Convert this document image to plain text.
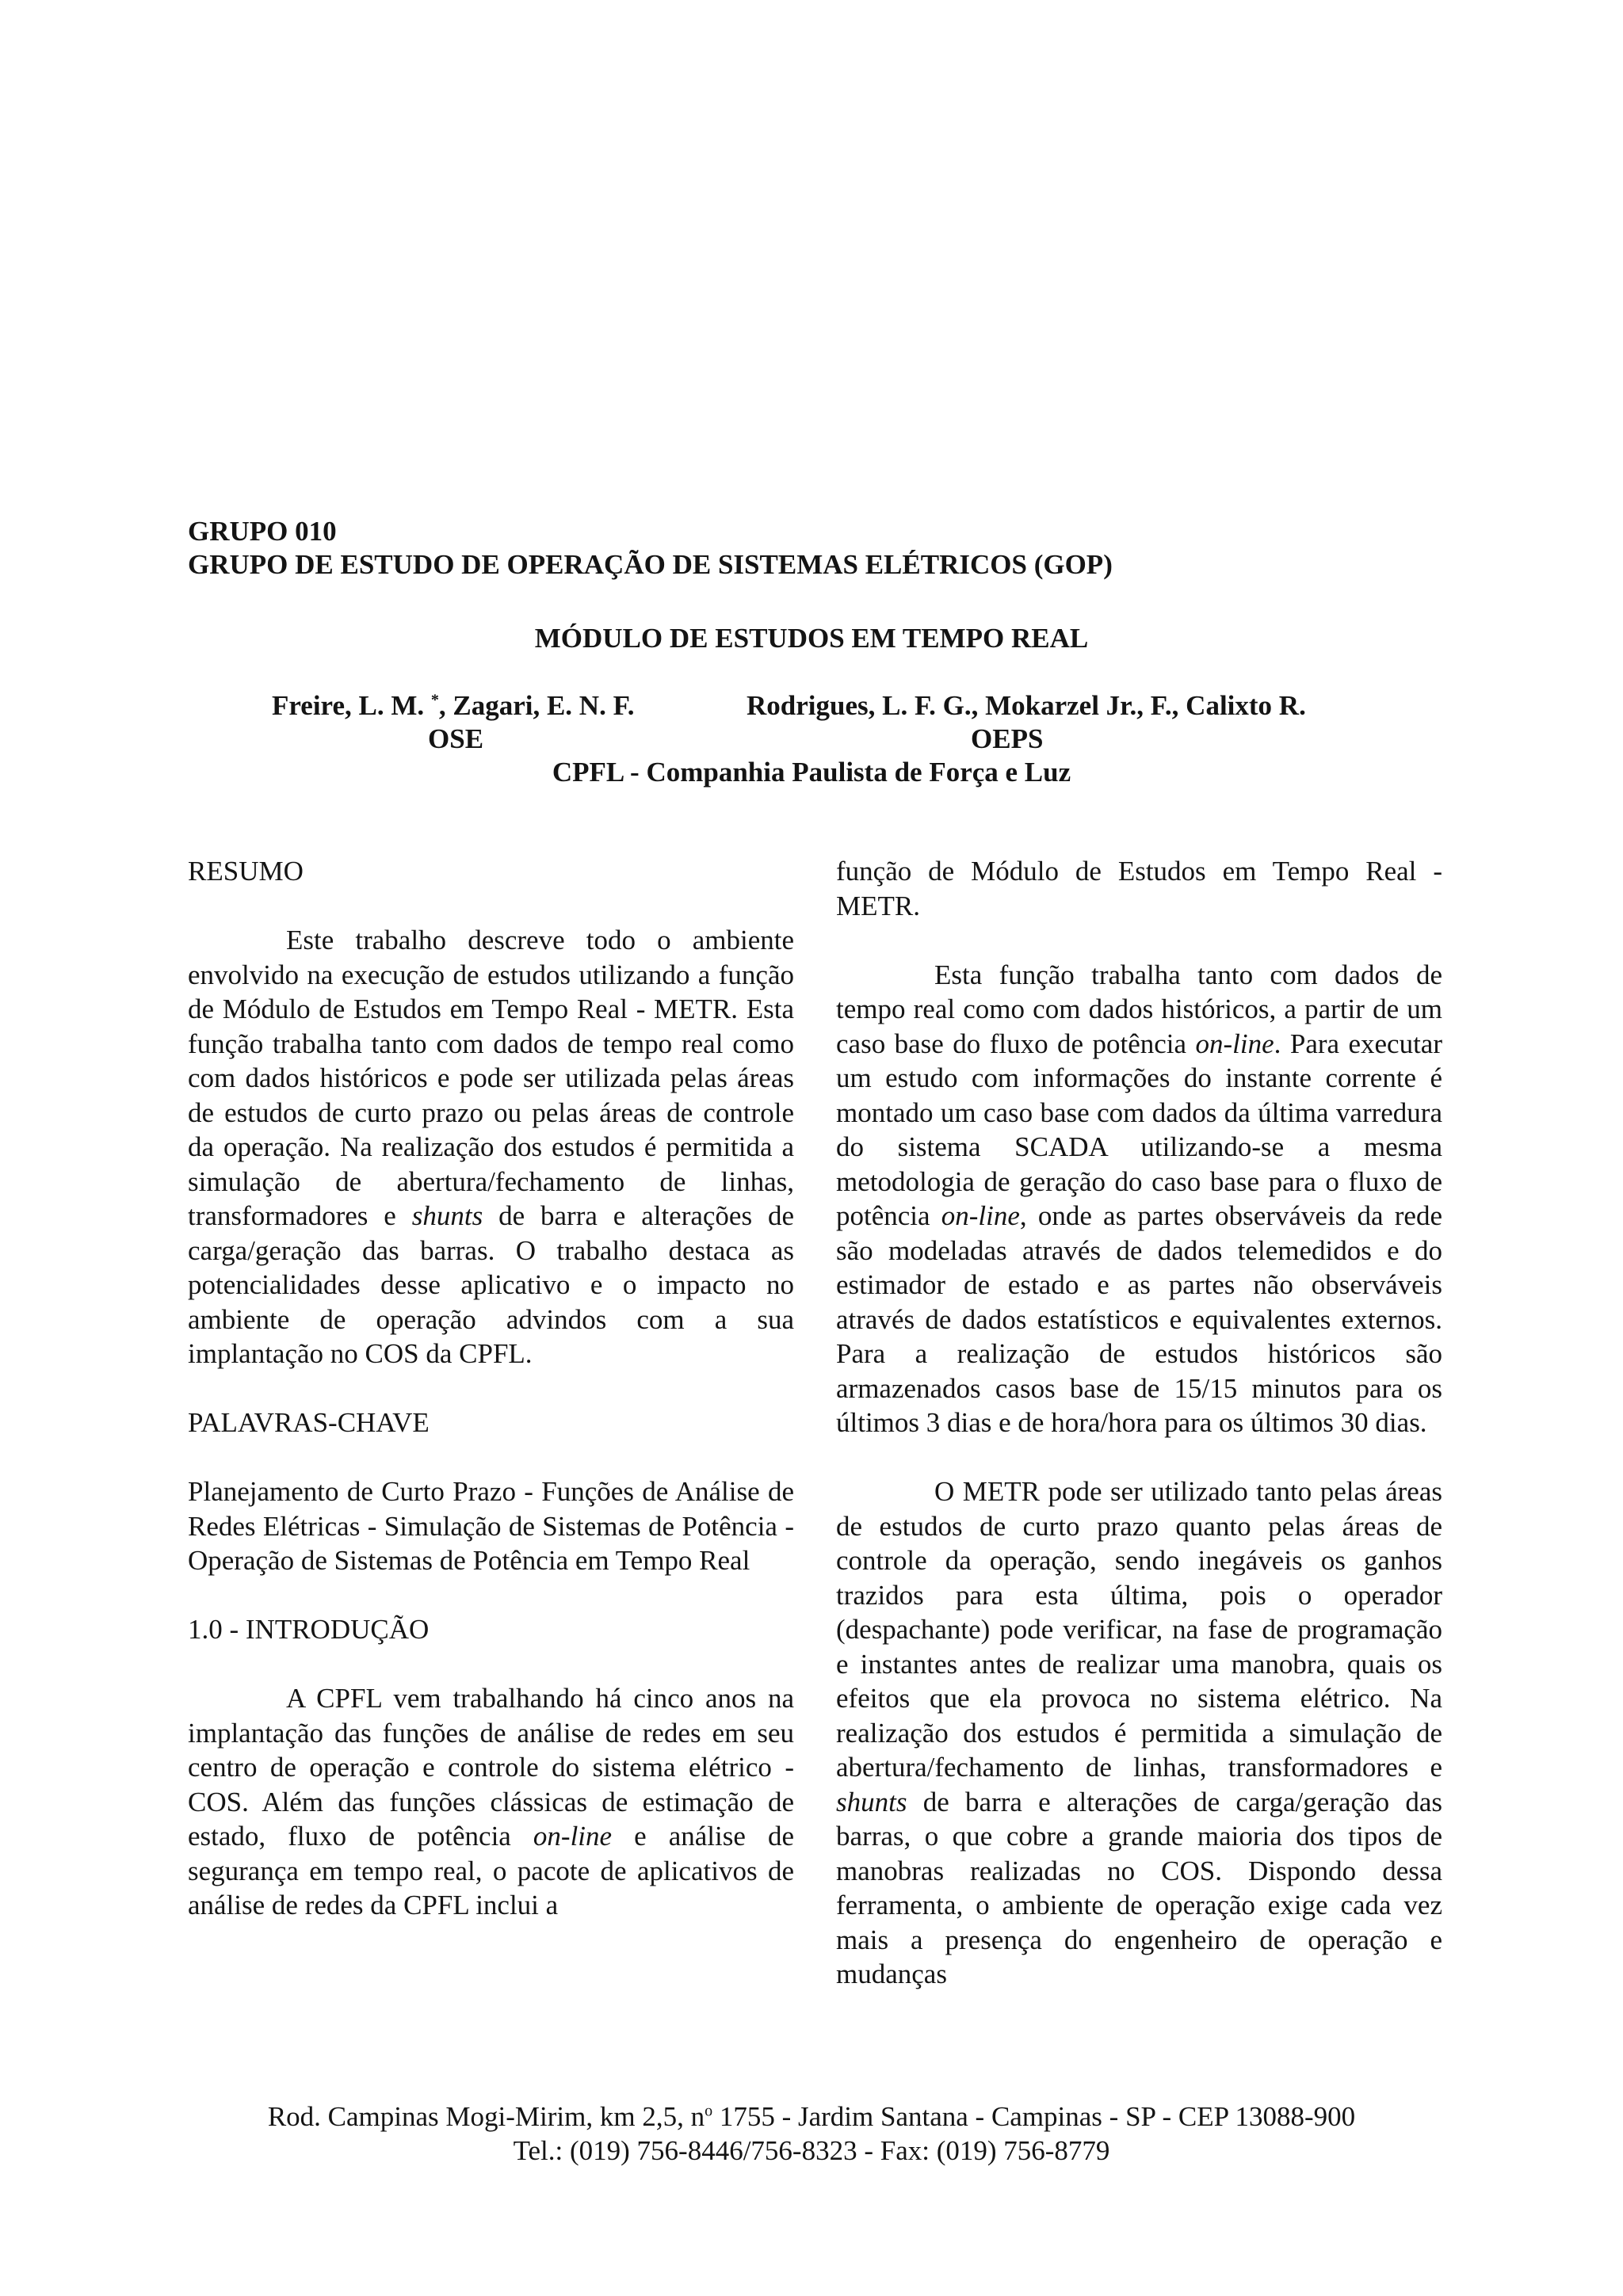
GRUPO 010
GRUPO DE ESTUDO DE OPERAÇÃO DE SISTEMAS ELÉTRICOS (GOP)
MÓDULO DE ESTUDOS EM TEMPO REAL
Freire, L. M. *, Zagari, E. N. F.	Rodrigues, L. F. G., Mokarzel Jr., F., Calixto R.
OSE	OEPS
CPFL - Companhia Paulista de Força e Luz

RESUMO

Este trabalho descreve todo o ambiente envolvido na execução de estudos utilizando a função de Módulo de Estudos em Tempo Real - METR. Esta função trabalha tanto com dados de tempo real como com dados históricos e pode ser utilizada pelas áreas de estudos de curto prazo ou pelas áreas de controle da operação. Na realização dos estudos é permitida a simulação de abertura/fechamento de linhas, transformadores e shunts de barra e alterações de carga/geração das barras. O trabalho destaca as potencialidades desse aplicativo e o impacto no ambiente de operação advindos com a sua implantação no COS da CPFL.

PALAVRAS-CHAVE

Planejamento de Curto Prazo - Funções de Análise de Redes Elétricas - Simulação de Sistemas de Potência - Operação de Sistemas de Potência em Tempo Real

1.0 - INTRODUÇÃO

A CPFL vem trabalhando há cinco anos na implantação das funções de análise de redes em seu centro de operação e controle do sistema elétrico - COS. Além das funções clássicas de estimação de estado, fluxo de potência on-line e análise de segurança em tempo real, o pacote de aplicativos de análise de redes da CPFL inclui a

função de Módulo de Estudos em Tempo Real - METR.

Esta função trabalha tanto com dados de tempo real como com dados históricos, a partir de um caso base do fluxo de potência on-line. Para executar um estudo com informações do instante corrente é montado um caso base com dados da última varredura do sistema SCADA utilizando-se a mesma metodologia de geração do caso base para o fluxo de potência on-line, onde as partes observáveis da rede são modeladas através de dados telemedidos e do estimador de estado e as partes não observáveis através de dados estatísticos e equivalentes externos. Para a realização de estudos históricos são armazenados casos base de 15/15 minutos para os últimos 3 dias e de hora/hora para os últimos 30 dias.

O METR pode ser utilizado tanto pelas áreas de estudos de curto prazo quanto pelas áreas de controle da operação, sendo inegáveis os ganhos trazidos para esta última, pois o operador (despachante) pode verificar, na fase de programação e instantes antes de realizar uma manobra, quais os efeitos que ela provoca no sistema elétrico. Na realização dos estudos é permitida a simulação de abertura/fechamento de linhas, transformadores e shunts de barra e alterações de carga/geração das barras, o que cobre a grande maioria dos tipos de manobras realizadas no COS. Dispondo dessa ferramenta, o ambiente de operação exige cada vez mais a presença do engenheiro de operação e mudanças

Rod. Campinas Mogi-Mirim, km 2,5, $n^o$ 1755 - Jardim Santana - Campinas - SP - CEP 13088-900
Tel.: (019) 756-8446/756-8323 - Fax: (019) 756-8779
